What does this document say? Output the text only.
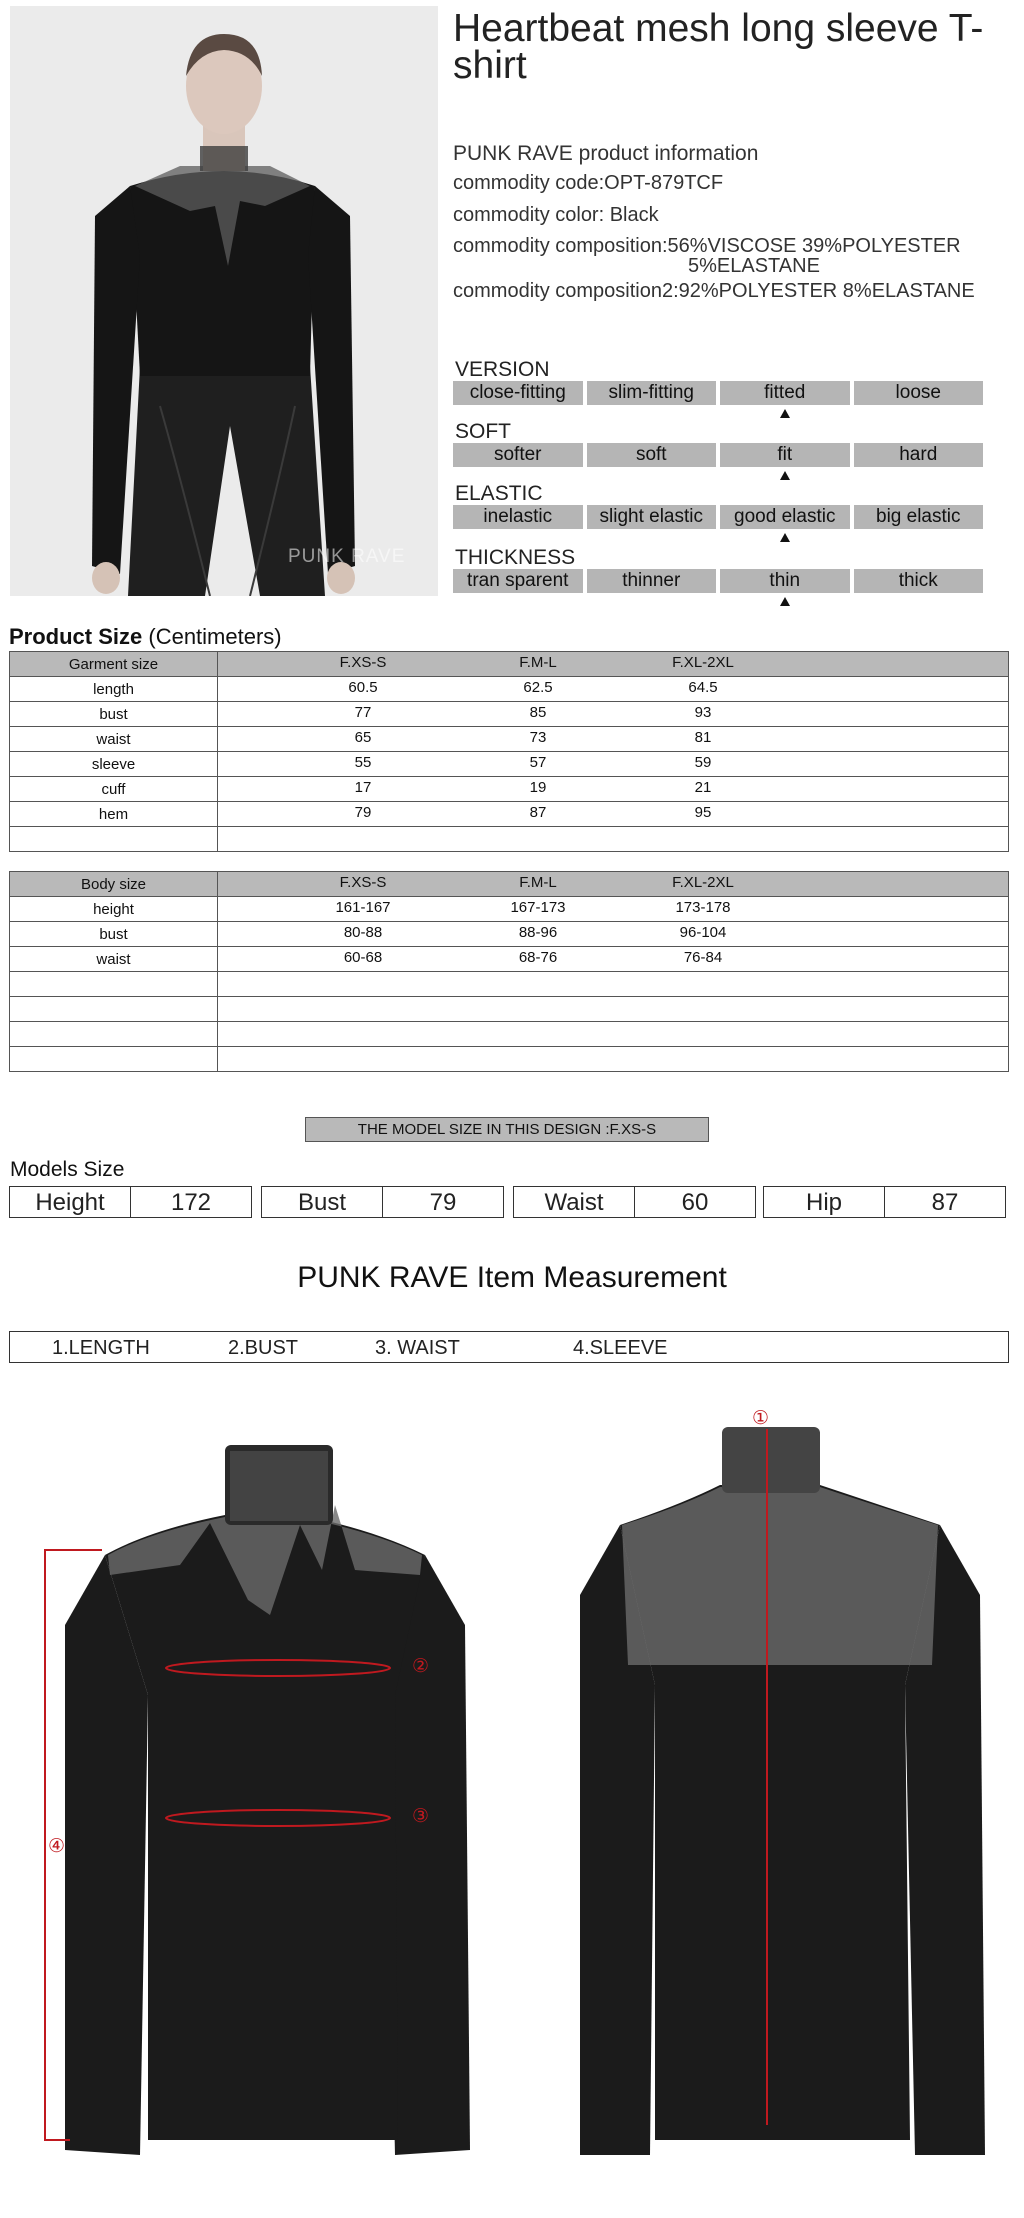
PUNK RAVE
Heartbeat mesh long sleeve T-shirt
PUNK RAVE product information
commodity code:OPT-879TCF
commodity color: Black
commodity composition:56%VISCOSE 39%POLYESTER
5%ELASTANE
commodity composition2:92%POLYESTER 8%ELASTANE
VERSION
close-fitting	slim-fitting	fitted	loose
SOFT
softer	soft	fit	hard
ELASTIC
inelastic	slight elastic	good elastic	big elastic
THICKNESS
tran sparent	thinner	thin	thick
Product Size (Centimeters)
Garment size	F.XS-S F.M-L F.XL-2XL

length	60.5 62.5 64.5

bust	77 85 93

waist	65 73 81

sleeve	55 57 59

cuff	17 19 21

hem	79 87 95

Body size	F.XS-S F.M-L F.XL-2XL

height	161-167 167-173 173-178

bust	80-88 88-96 96-104

waist	60-68 68-76 76-84

THE MODEL SIZE IN THIS DESIGN :F.XS-S
Models Size
Height	172	Bust	79	Waist	60	Hip	87
PUNK RAVE Item Measurement
1.LENGTH	2.BUST	3. WAIST	4.SLEEVE
①
②
③
④
